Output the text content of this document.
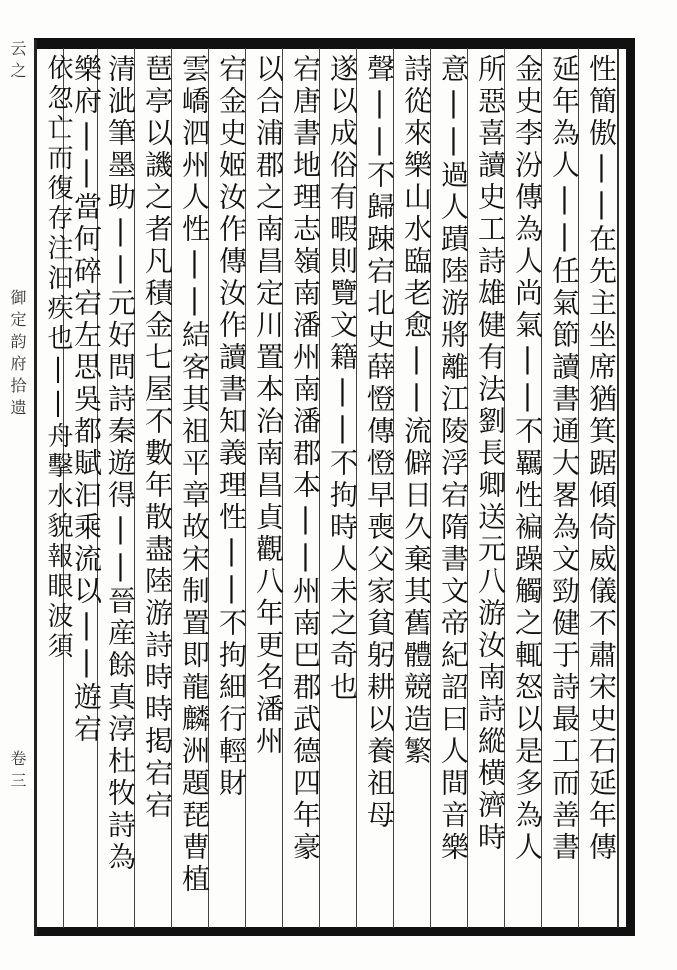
云之 御定韵府拾遗
卷三	性簡傲||在先主坐席猶箕踞傾倚威儀不肅宋史石延年傳
延年為人||任氣節讀書通大畧為文勁健于詩最工而善書
金史李汾傳為人尚氣||不羈性褊躁觸之輒怒以是多為人
所惡喜讀史工詩雄健有法劉長卿送元八游汝南詩縱横濟時
意||過人蹟陸游將離江陵浮宕隋書文帝紀詔曰人間音樂
詩從來樂山水臨老愈||流僻日久棄其舊體競造繁
聲||不歸踈宕北史薛憕傳憕早喪父家貧躬耕以養祖母
遂以成俗有暇則覽文籍||不拘時人未之奇也
宕唐書地理志嶺南潘州南潘郡本||州南巴郡武德四年豪
以合浦郡之南昌定川置本治南昌貞觀八年更名潘州
宕金史姬汝作傳汝作讀書知義理性||不拘細行輕財
雲嶠泗州人性||結客其祖平章故宋制置即龍麟洲題琵曹植
琶亭以譏之者凡積金七屋不數年散盡陸游詩時時掲宕宕
清泚筆墨助||元好問詩秦遊得||晉産餘真淳杜牧詩為
樂府||當何碎宕左思吳都賦汩乘流以||遊宕
依忽亡而復存注汩疾也||舟擊水貌報眼波須
